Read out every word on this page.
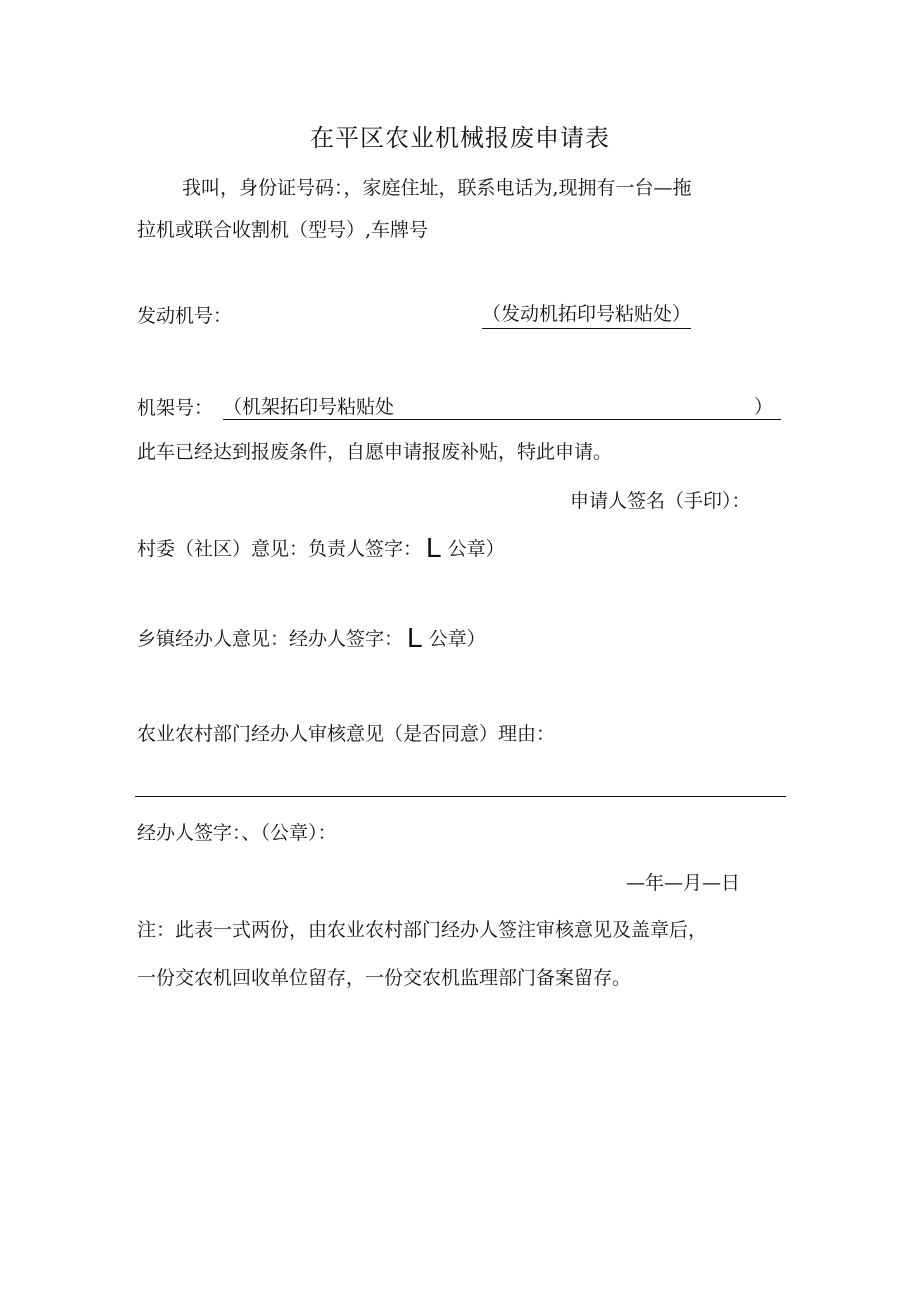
在平区农业机械报废申请表
我叫，身份证号码：，家庭住址，联系电话为,现拥有一台—拖
拉机或联合收割机（型号）,车牌号
发动机号：	（发动机拓印号粘贴处）
机架号： （机架拓印号粘贴处	）
此车已经达到报废条件，自愿申请报废补贴，特此申请。
申请人签名（手印）：
村委（社区）意见：负责人签字： L 公章）
乡镇经办人意见：经办人签字： L 公章）
农业农村部门经办人审核意见（是否同意）理由：
经办人签字：、（公章）：
—年—月—日
注：此表一式两份，由农业农村部门经办人签注审核意见及盖章后，
一份交农机回收单位留存，一份交农机监理部门备案留存。
